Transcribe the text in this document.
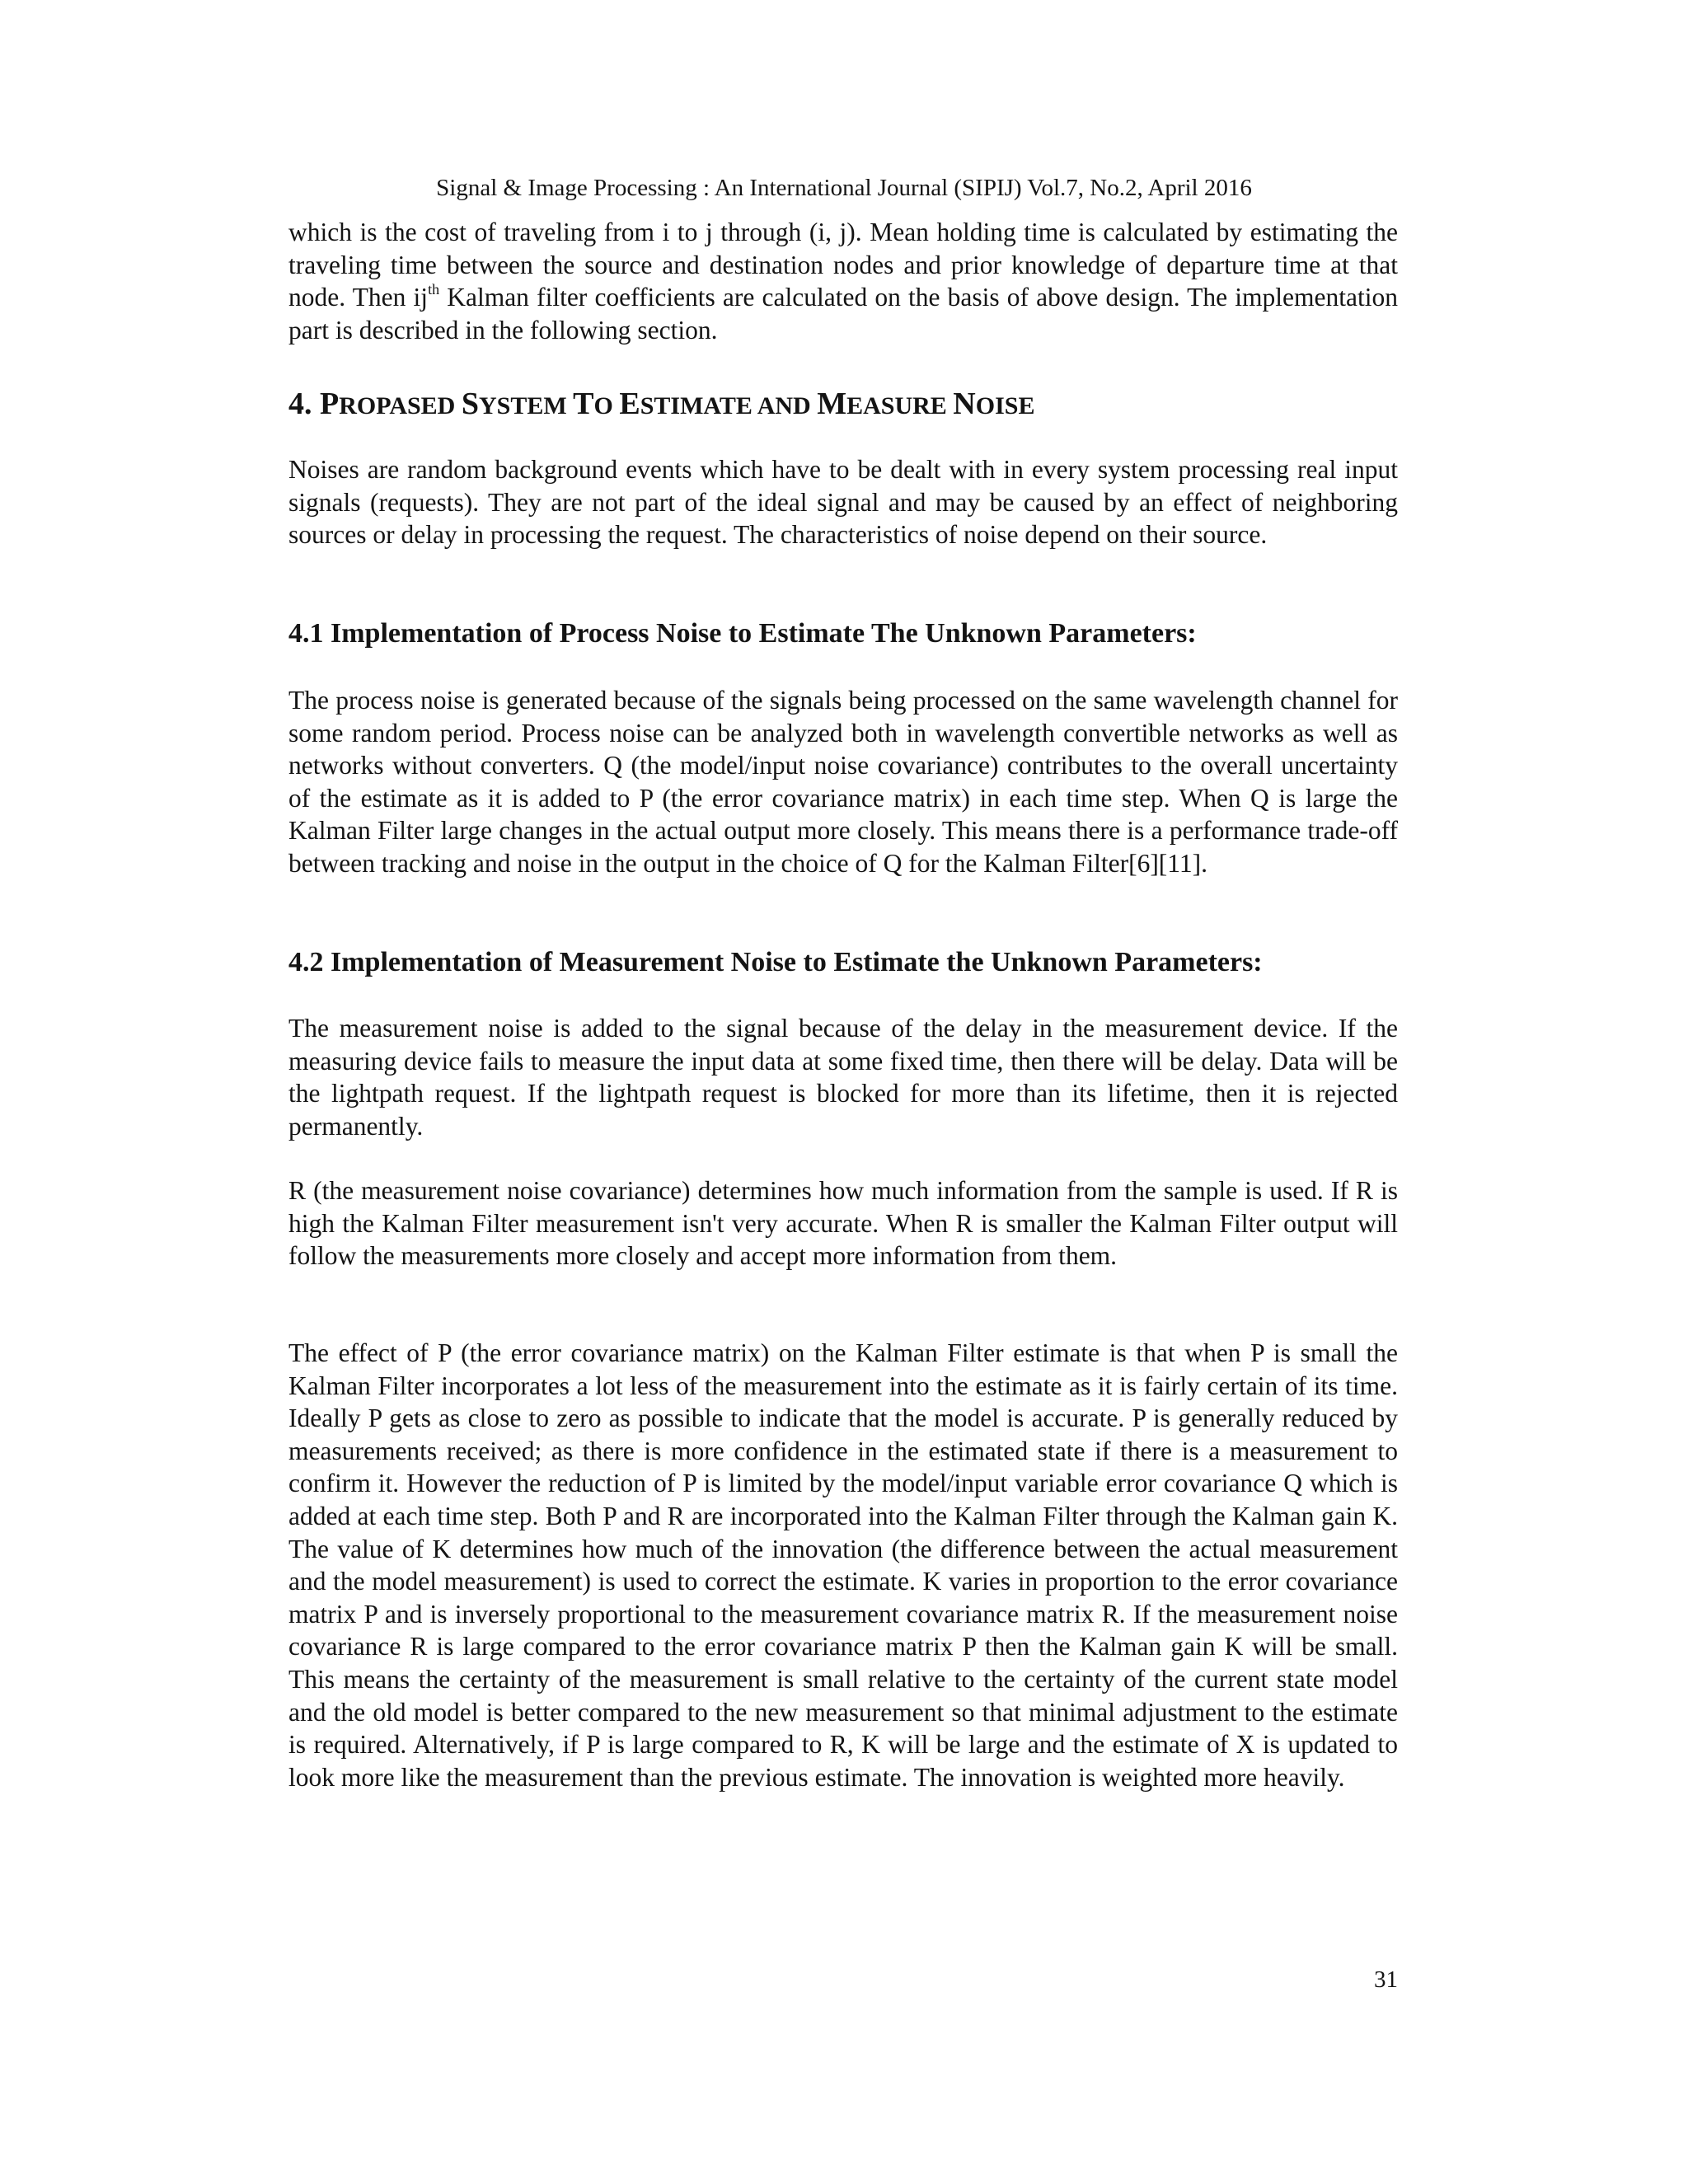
Signal & Image Processing : An International Journal (SIPIJ) Vol.7, No.2, April 2016

which is the cost of traveling from i to j through (i, j). Mean holding time is calculated by estimating the traveling time between the source and destination nodes and prior knowledge of departure time at that node. Then $ij^{th}$ Kalman filter coefficients are calculated on the basis of above design. The implementation part is described in the following section.

4. PROPASED SYSTEM TO ESTIMATE AND MEASURE NOISE

Noises are random background events which have to be dealt with in every system processing real input signals (requests). They are not part of the ideal signal and may be caused by an effect of neighboring sources or delay in processing the request. The characteristics of noise depend on their source.

4.1 Implementation of Process Noise to Estimate The Unknown Parameters:

The process noise is generated because of the signals being processed on the same wavelength channel for some random period. Process noise can be analyzed both in wavelength convertible networks as well as networks without converters. Q (the model/input noise covariance) contributes to the overall uncertainty of the estimate as it is added to P (the error covariance matrix) in each time step. When Q is large the Kalman Filter large changes in the actual output more closely. This means there is a performance trade-off between tracking and noise in the output in the choice of Q for the Kalman Filter[6][11].

4.2 Implementation of Measurement Noise to Estimate the Unknown Parameters:

The measurement noise is added to the signal because of the delay in the measurement device. If the measuring device fails to measure the input data at some fixed time, then there will be delay. Data will be the lightpath request. If the lightpath request is blocked for more than its lifetime, then it is rejected permanently.

R (the measurement noise covariance) determines how much information from the sample is used. If R is high the Kalman Filter measurement isn't very accurate. When R is smaller the Kalman Filter output will follow the measurements more closely and accept more information from them.

The effect of P (the error covariance matrix) on the Kalman Filter estimate is that when P is small the Kalman Filter incorporates a lot less of the measurement into the estimate as it is fairly certain of its time. Ideally P gets as close to zero as possible to indicate that the model is accurate. P is generally reduced by measurements received; as there is more confidence in the estimated state if there is a measurement to confirm it. However the reduction of P is limited by the model/input variable error covariance Q which is added at each time step. Both P and R are incorporated into the Kalman Filter through the Kalman gain K. The value of K determines how much of the innovation (the difference between the actual measurement and the model measurement) is used to correct the estimate. K varies in proportion to the error covariance matrix P and is inversely proportional to the measurement covariance matrix R. If the measurement noise covariance R is large compared to the error covariance matrix P then the Kalman gain K will be small. This means the certainty of the measurement is small relative to the certainty of the current state model and the old model is better compared to the new measurement so that minimal adjustment to the estimate is required. Alternatively, if P is large compared to R, K will be large and the estimate of X is updated to look more like the measurement than the previous estimate. The innovation is weighted more heavily.

31
